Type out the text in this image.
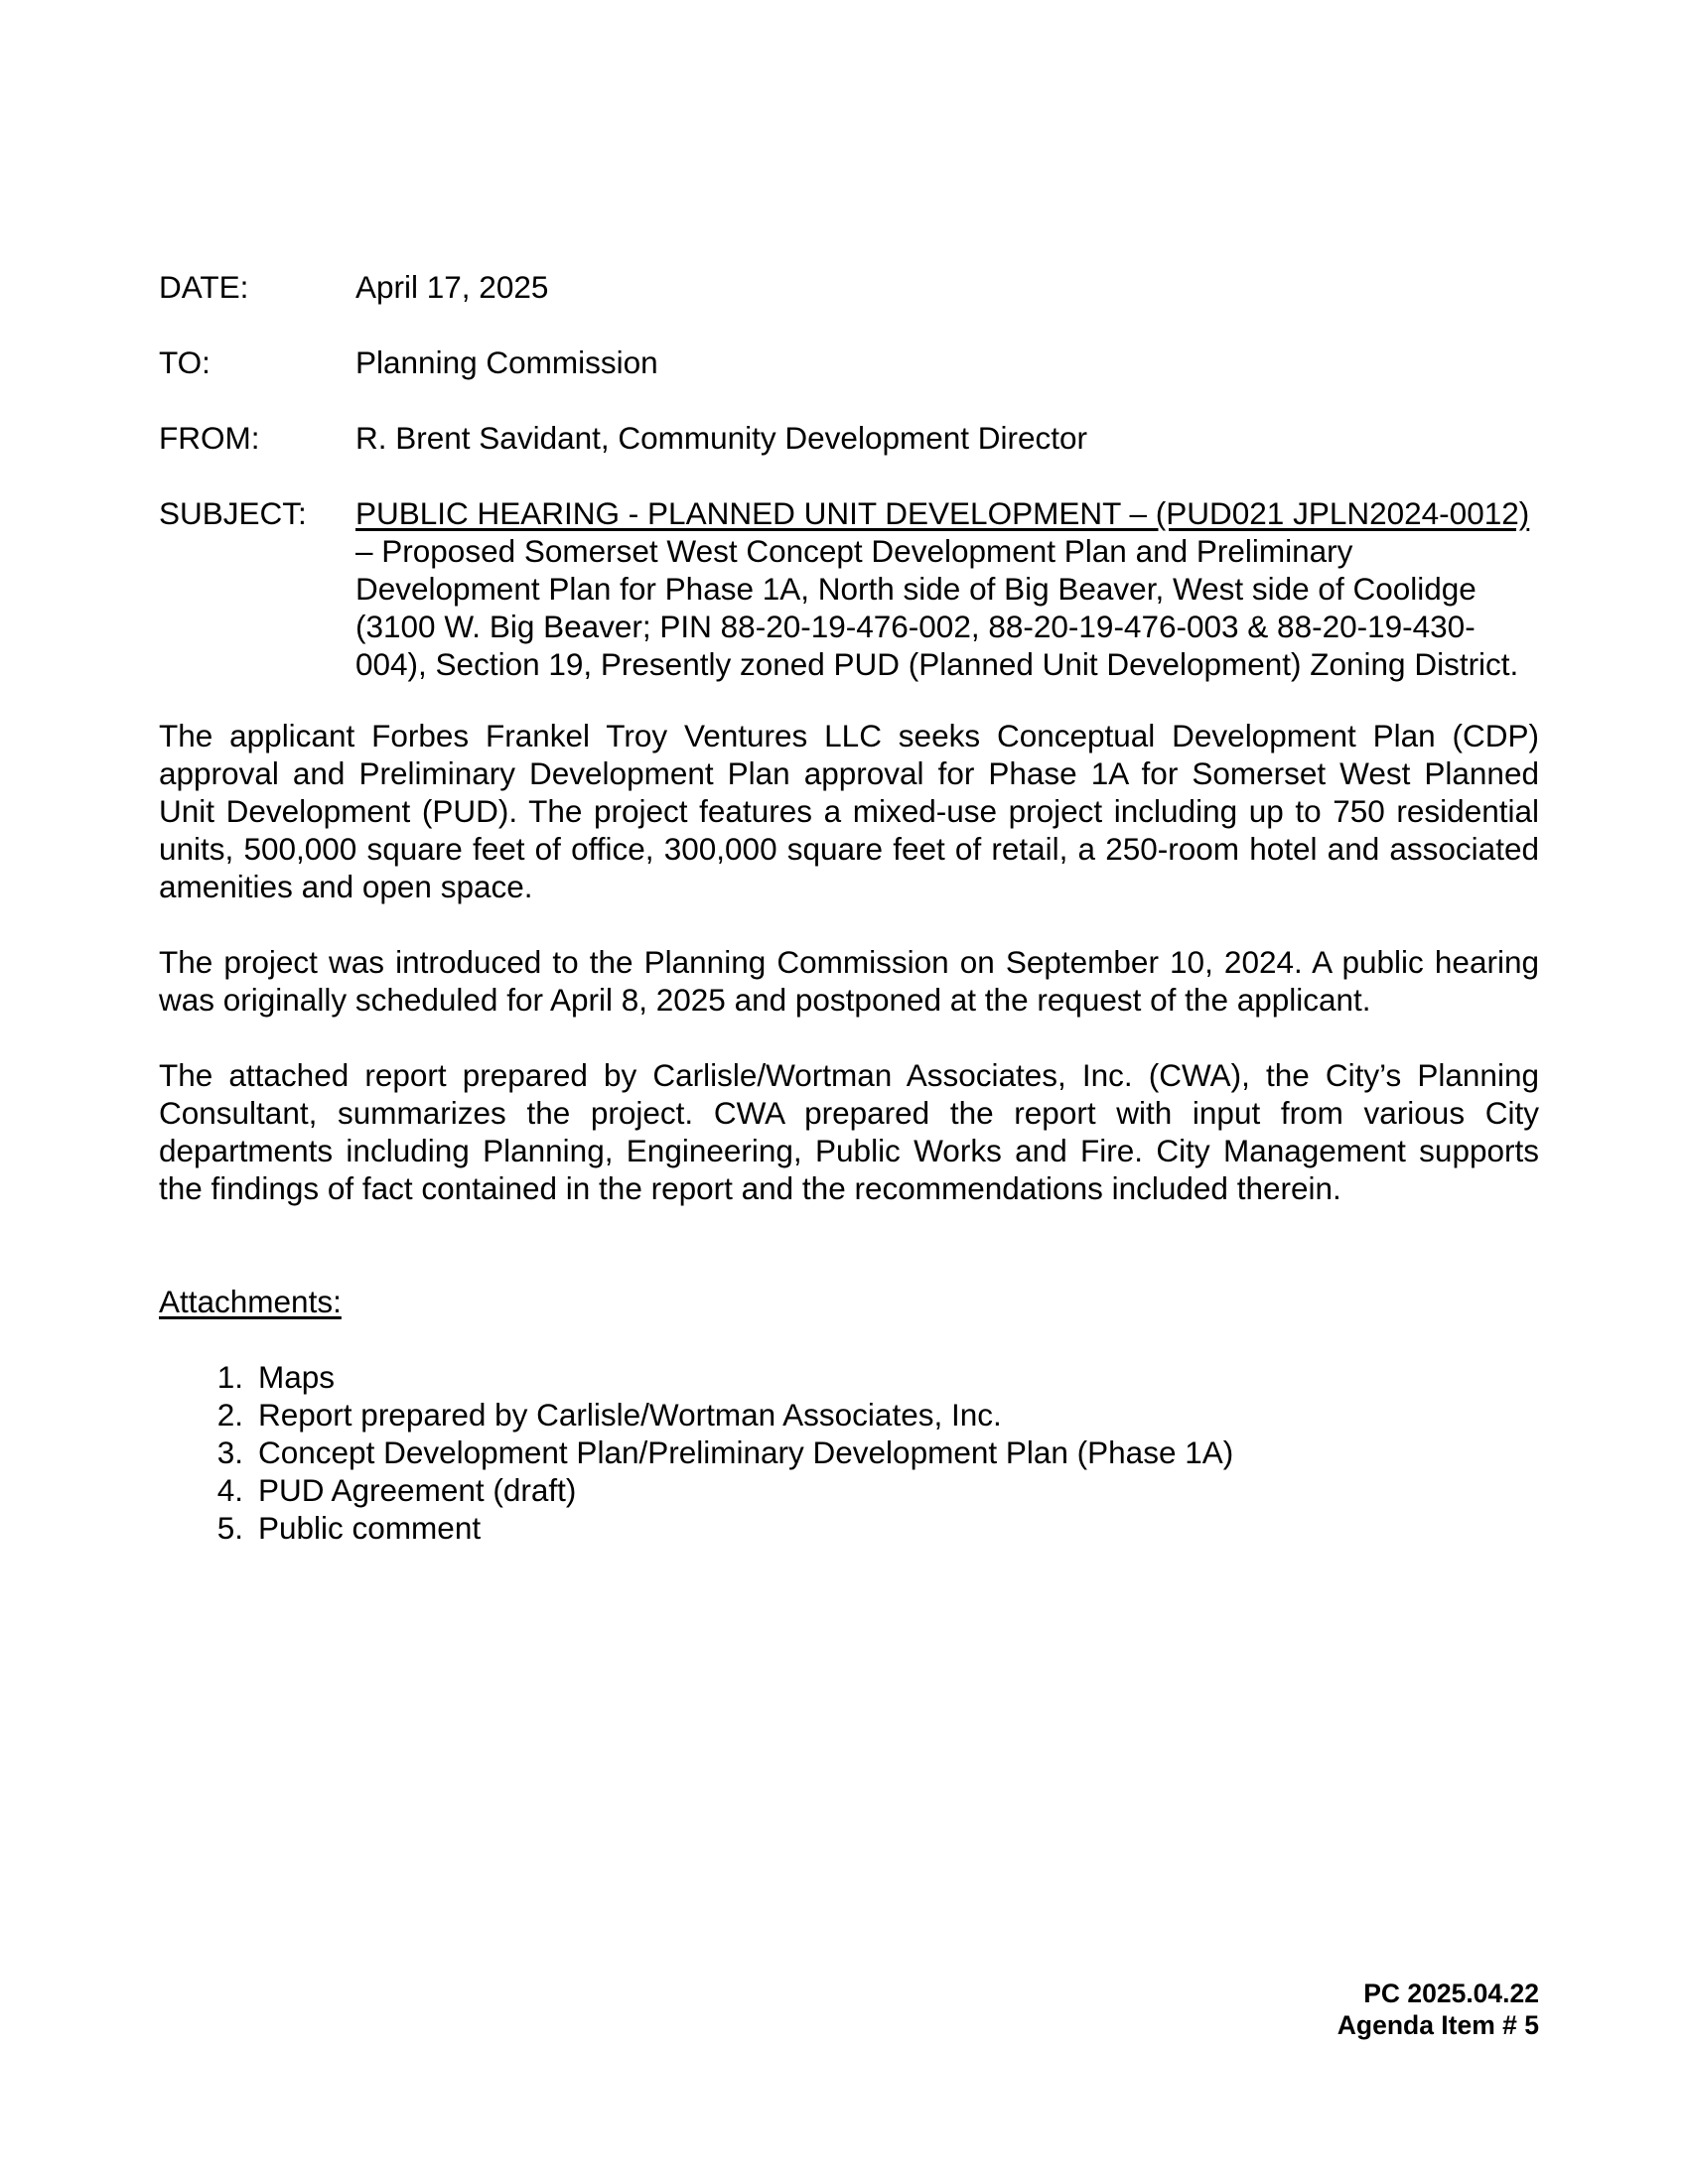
DATE:	April 17, 2025
TO:	Planning Commission
FROM:	R. Brent Savidant, Community Development Director
SUBJECT:	PUBLIC HEARING - PLANNED UNIT DEVELOPMENT – (PUD021 JPLN2024-0012) – Proposed Somerset West Concept Development Plan and Preliminary Development Plan for Phase 1A, North side of Big Beaver, West side of Coolidge (3100 W. Big Beaver; PIN 88-20-19-476-002, 88-20-19-476-003 & 88-20-19-430-004), Section 19, Presently zoned PUD (Planned Unit Development) Zoning District.

The applicant Forbes Frankel Troy Ventures LLC seeks Conceptual Development Plan (CDP) approval and Preliminary Development Plan approval for Phase 1A for Somerset West Planned Unit Development (PUD). The project features a mixed-use project including up to 750 residential units, 500,000 square feet of office, 300,000 square feet of retail, a 250-room hotel and associated amenities and open space.

The project was introduced to the Planning Commission on September 10, 2024. A public hearing was originally scheduled for April 8, 2025 and postponed at the request of the applicant.

The attached report prepared by Carlisle/Wortman Associates, Inc. (CWA), the City’s Planning Consultant, summarizes the project. CWA prepared the report with input from various City departments including Planning, Engineering, Public Works and Fire. City Management supports the findings of fact contained in the report and the recommendations included therein.

Attachments:
1. Maps
2. Report prepared by Carlisle/Wortman Associates, Inc.
3. Concept Development Plan/Preliminary Development Plan (Phase 1A)
4. PUD Agreement (draft)
5. Public comment
PC 2025.04.22
Agenda Item # 5
